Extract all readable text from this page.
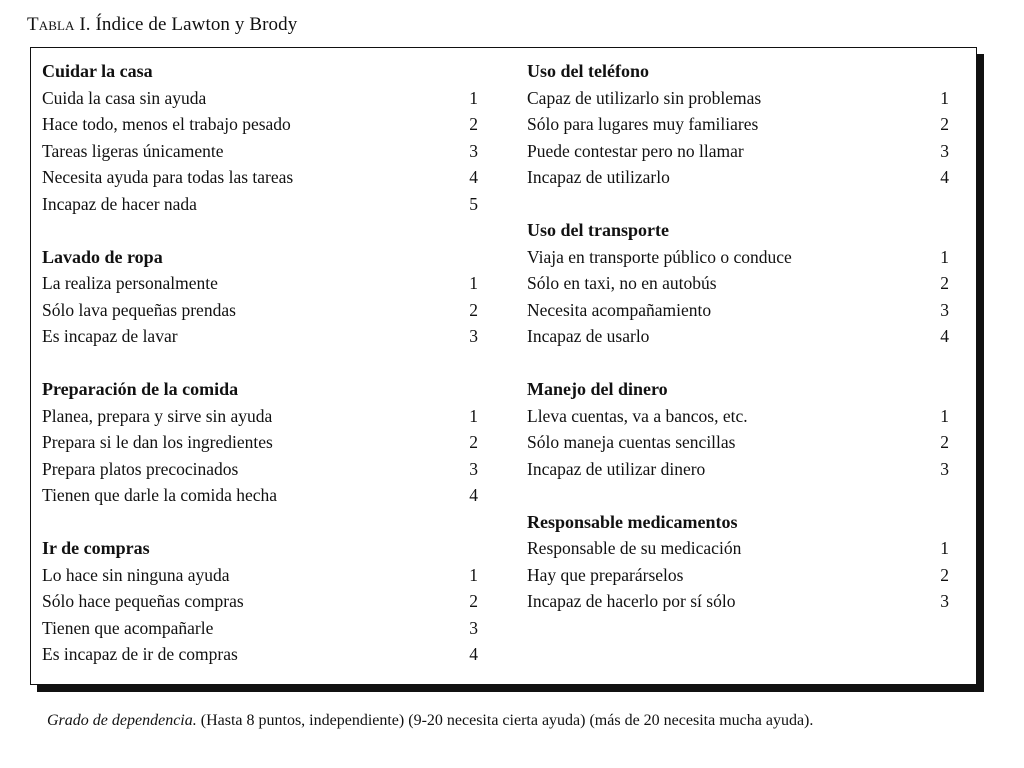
Tabla I. Índice de Lawton y Brody
Cuidar la casa
Cuida la casa sin ayuda	1
Hace todo, menos el trabajo pesado	2
Tareas ligeras únicamente	3
Necesita ayuda para todas las tareas	4
Incapaz de hacer nada	5
Lavado de ropa
La realiza personalmente	1
Sólo lava pequeñas prendas	2
Es incapaz de lavar	3
Preparación de la comida
Planea, prepara y sirve sin ayuda	1
Prepara si le dan los ingredientes	2
Prepara platos precocinados	3
Tienen que darle la comida hecha	4
Ir de compras
Lo hace sin ninguna ayuda	1
Sólo hace pequeñas compras	2
Tienen que acompañarle	3
Es incapaz de ir de compras	4
Uso del teléfono
Capaz de utilizarlo sin problemas	1
Sólo para lugares muy familiares	2
Puede contestar pero no llamar	3
Incapaz de utilizarlo	4
Uso del transporte
Viaja en transporte público o conduce	1
Sólo en taxi, no en autobús	2
Necesita acompañamiento	3
Incapaz de usarlo	4
Manejo del dinero
Lleva cuentas, va a bancos, etc.	1
Sólo maneja cuentas sencillas	2
Incapaz de utilizar dinero	3
Responsable medicamentos
Responsable de su medicación	1
Hay que preparárselos	2
Incapaz de hacerlo por sí sólo	3
Grado de dependencia. (Hasta 8 puntos, independiente) (9-20 necesita cierta ayuda) (más de 20 necesita mucha ayuda).
